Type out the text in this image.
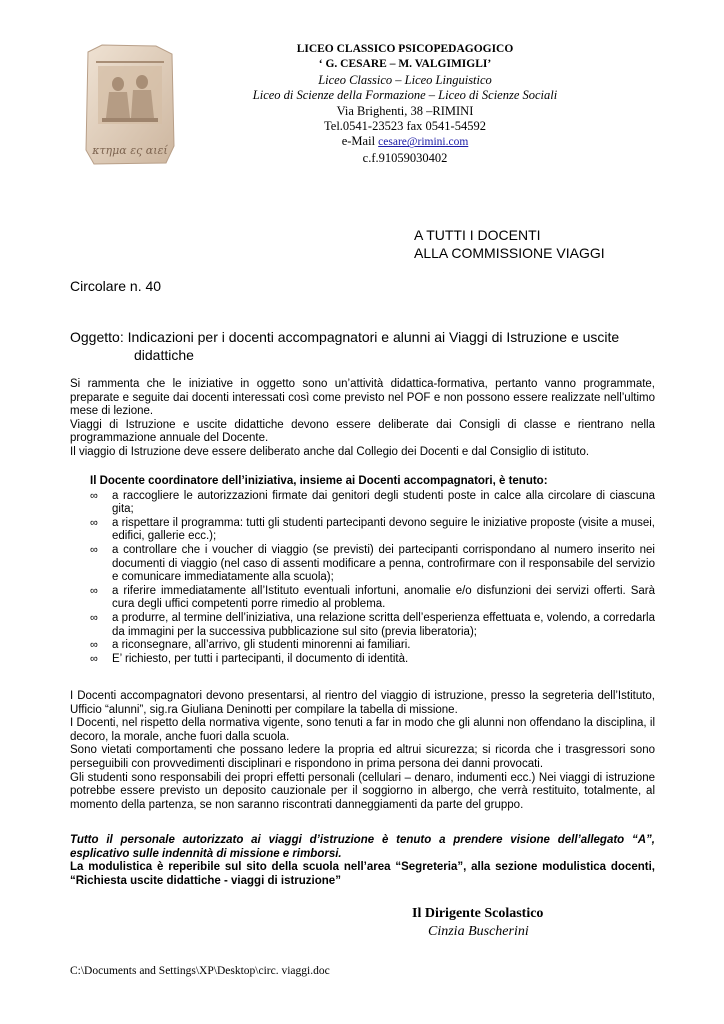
κτημα ες αιεί
LICEO CLASSICO PSICOPEDAGOGICO
‘ G. CESARE – M. VALGIMIGLI’
Liceo Classico – Liceo Linguistico
Liceo di Scienze della Formazione – Liceo di Scienze Sociali
Via Brighenti, 38 –RIMINI
Tel.0541-23523 fax 0541-54592
e-Mail cesare@rimini.com
c.f.91059030402
A TUTTI I DOCENTI
ALLA COMMISSIONE VIAGGI
Circolare n. 40
Oggetto: Indicazioni per i docenti accompagnatori e alunni ai Viaggi di Istruzione e uscite
didattiche

Si rammenta che le iniziative in oggetto sono un’attività didattica-formativa, pertanto vanno programmate, preparate e seguite dai docenti interessati così come previsto nel POF e non possono essere realizzate nell’ultimo mese di lezione.

Viaggi di Istruzione e uscite didattiche devono essere deliberate dai Consigli di classe e rientrano nella programmazione annuale del Docente.

Il viaggio di Istruzione deve essere deliberato anche dal Collegio dei Docenti e dal Consiglio di istituto.

Il Docente coordinatore dell’iniziativa, insieme ai Docenti accompagnatori, è tenuto:

∞ a raccogliere le autorizzazioni firmate dai genitori degli studenti poste in calce alla circolare di ciascuna gita;
∞ a rispettare il programma: tutti gli studenti partecipanti devono seguire le iniziative proposte (visite a musei, edifici, gallerie ecc.);
∞ a controllare che i voucher di viaggio (se previsti) dei partecipanti corrispondano al numero inserito nei documenti di viaggio (nel caso di assenti modificare a penna, controfirmare con il responsabile del servizio e comunicare immediatamente alla scuola);
∞ a riferire immediatamente all’Istituto eventuali infortuni, anomalie e/o disfunzioni dei servizi offerti. Sarà cura degli uffici competenti porre rimedio al problema.
∞ a produrre, al termine dell’iniziativa, una relazione scritta dell’esperienza effettuata e, volendo, a corredarla da immagini per la successiva pubblicazione sul sito (previa liberatoria);
∞ a riconsegnare, all’arrivo, gli studenti minorenni ai familiari.
∞ E’ richiesto, per tutti i partecipanti, il documento di identità.

I Docenti accompagnatori devono presentarsi, al rientro del viaggio di istruzione, presso la segreteria dell’Istituto, Ufficio “alunni”, sig.ra Giuliana Deninotti per compilare la tabella di missione.

I Docenti, nel rispetto della normativa vigente, sono tenuti a far in modo che gli alunni non offendano la disciplina, il decoro, la morale, anche fuori dalla scuola.

Sono vietati comportamenti che possano ledere la propria ed altrui sicurezza; si ricorda che i trasgressori sono perseguibili con provvedimenti disciplinari e rispondono in prima persona dei danni provocati.

Gli studenti sono responsabili dei propri effetti personali (cellulari – denaro, indumenti ecc.) Nei viaggi di istruzione potrebbe essere previsto un deposito cauzionale per il soggiorno in albergo, che verrà restituito, totalmente, al momento della partenza, se non saranno riscontrati danneggiamenti da parte del gruppo.

Tutto il personale autorizzato ai viaggi d’istruzione è tenuto a prendere visione dell’allegato “A”, esplicativo sulle indennità di missione e rimborsi.

La modulistica è reperibile sul sito della scuola nell’area “Segreteria”, alla sezione modulistica docenti, “Richiesta uscite didattiche - viaggi di istruzione”

Il Dirigente Scolastico
Cinzia Buscherini
C:\Documents and Settings\XP\Desktop\circ. viaggi.doc
